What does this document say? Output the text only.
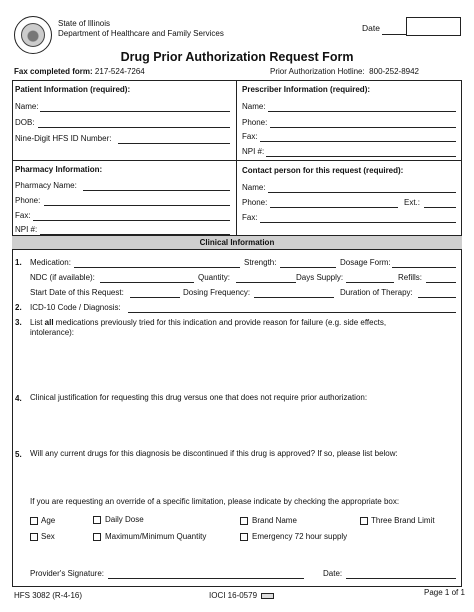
State of Illinois
Department of Healthcare and Family Services
Date
Drug Prior Authorization Request Form
Fax completed form: 217-524-7264	Prior Authorization Hotline: 800-252-8942
Patient Information (required):
Name:
DOB:
Nine-Digit HFS ID Number:
Prescriber Information (required):
Name:
Phone:
Fax:
NPI #:
Pharmacy Information:
Pharmacy Name:
Phone:
Fax:
NPI #:
Contact person for this request (required):
Name:
Phone:	Ext.:
Fax:
Clinical Information
1. Medication:	Strength:	Dosage Form:
NDC (if available):	Quantity:	Days Supply:	Refills:
Start Date of this Request:	Dosing Frequency:	Duration of Therapy:
2. ICD-10 Code / Diagnosis:
3. List all medications previously tried for this indication and provide reason for failure (e.g. side effects,
intolerance):
4. Clinical justification for requesting this drug versus one that does not require prior authorization:
5. Will any current drugs for this diagnosis be discontinued if this drug is approved? If so, please list below:
If you are requesting an override of a specific limitation, please indicate by checking the appropriate box:
Age	Daily Dose	Brand Name	Three Brand Limit
Sex	Maximum/Minimum Quantity	Emergency 72 hour supply
Provider's Signature:	Date:
HFS 3082 (R-4-16)	IOCI 16-0579	Page 1 of 1
